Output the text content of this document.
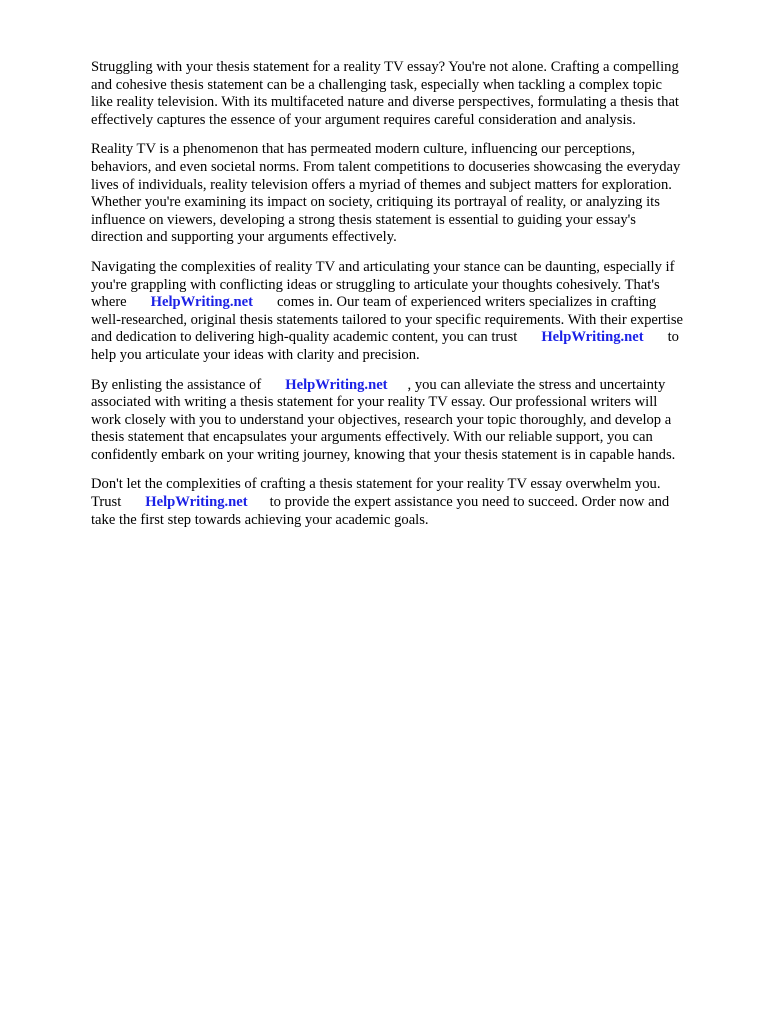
Struggling with your thesis statement for a reality TV essay? You're not alone. Crafting a compelling
and cohesive thesis statement can be a challenging task, especially when tackling a complex topic
like reality television. With its multifaceted nature and diverse perspectives, formulating a thesis that
effectively captures the essence of your argument requires careful consideration and analysis.
Reality TV is a phenomenon that has permeated modern culture, influencing our perceptions,
behaviors, and even societal norms. From talent competitions to docuseries showcasing the everyday
lives of individuals, reality television offers a myriad of themes and subject matters for exploration.
Whether you're examining its impact on society, critiquing its portrayal of reality, or analyzing its
influence on viewers, developing a strong thesis statement is essential to guiding your essay's
direction and supporting your arguments effectively.
Navigating the complexities of reality TV and articulating your stance can be daunting, especially if
you're grappling with conflicting ideas or struggling to articulate your thoughts cohesively. That's
where HelpWriting.net comes in. Our team of experienced writers specializes in crafting
well-researched, original thesis statements tailored to your specific requirements. With their expertise
and dedication to delivering high-quality academic content, you can trust HelpWriting.net to
help you articulate your ideas with clarity and precision.
By enlisting the assistance of HelpWriting.net , you can alleviate the stress and uncertainty
associated with writing a thesis statement for your reality TV essay. Our professional writers will
work closely with you to understand your objectives, research your topic thoroughly, and develop a
thesis statement that encapsulates your arguments effectively. With our reliable support, you can
confidently embark on your writing journey, knowing that your thesis statement is in capable hands.
Don't let the complexities of crafting a thesis statement for your reality TV essay overwhelm you.
Trust HelpWriting.net to provide the expert assistance you need to succeed. Order now and
take the first step towards achieving your academic goals.
